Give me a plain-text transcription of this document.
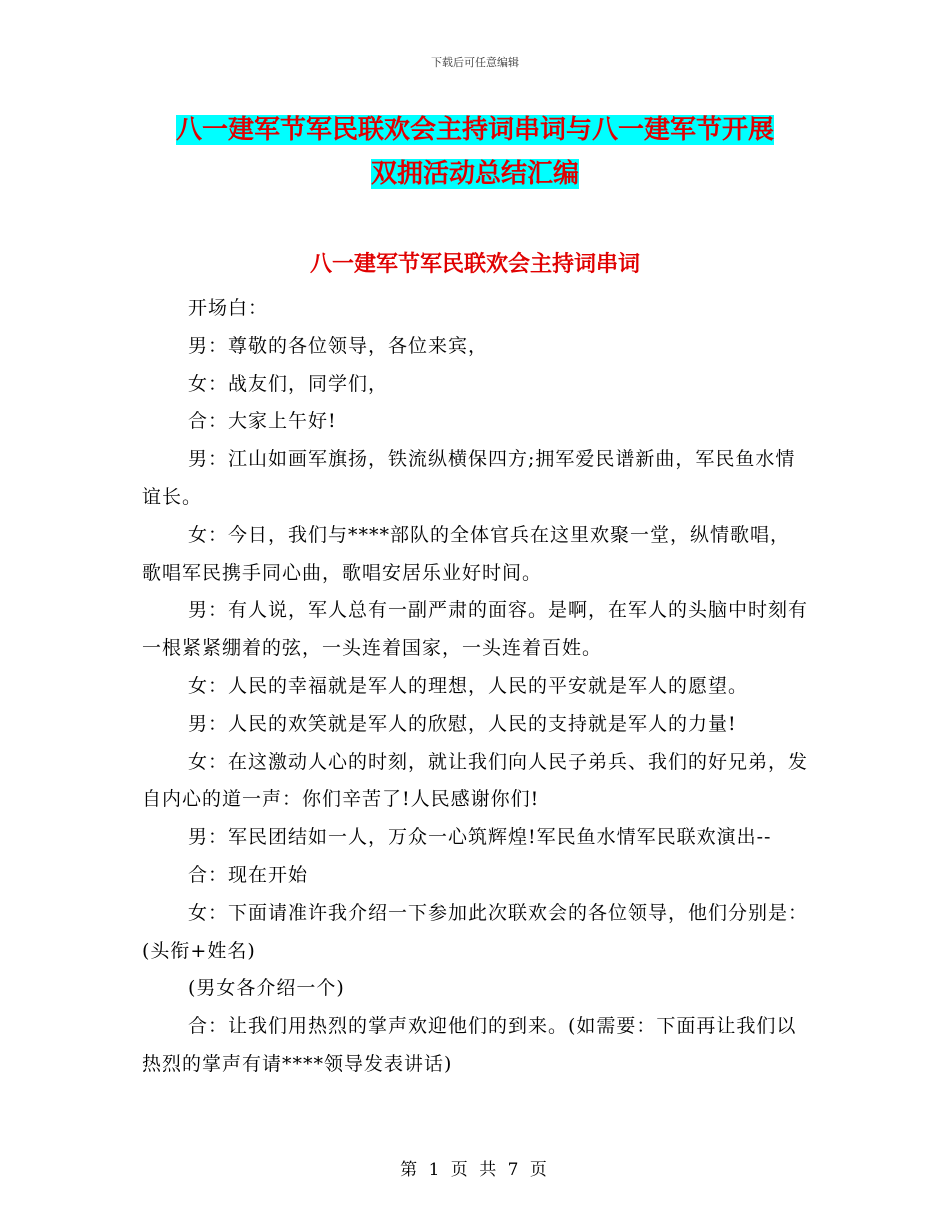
下载后可任意编辑
八一建军节军民联欢会主持词串词与八一建军节开展
双拥活动总结汇编
八一建军节军民联欢会主持词串词

开场白：

男：尊敬的各位领导，各位来宾，

女：战友们，同学们，

合：大家上午好!

男：江山如画军旗扬，铁流纵横保四方;拥军爱民谱新曲，军民鱼水情谊长。

女：今日，我们与****部队的全体官兵在这里欢聚一堂，纵情歌唱，歌唱军民携手同心曲，歌唱安居乐业好时间。

男：有人说，军人总有一副严肃的面容。是啊，在军人的头脑中时刻有一根紧紧绷着的弦，一头连着国家，一头连着百姓。

女：人民的幸福就是军人的理想，人民的平安就是军人的愿望。

男：人民的欢笑就是军人的欣慰，人民的支持就是军人的力量!

女：在这激动人心的时刻，就让我们向人民子弟兵、我们的好兄弟，发自内心的道一声：你们辛苦了!人民感谢你们!

男：军民团结如一人，万众一心筑辉煌!军民鱼水情军民联欢演出--

合：现在开始

女：下面请准许我介绍一下参加此次联欢会的各位领导，他们分别是：(头衔+姓名)

(男女各介绍一个)

合：让我们用热烈的掌声欢迎他们的到来。(如需要：下面再让我们以热烈的掌声有请****领导发表讲话)

第 1 页 共 7 页
